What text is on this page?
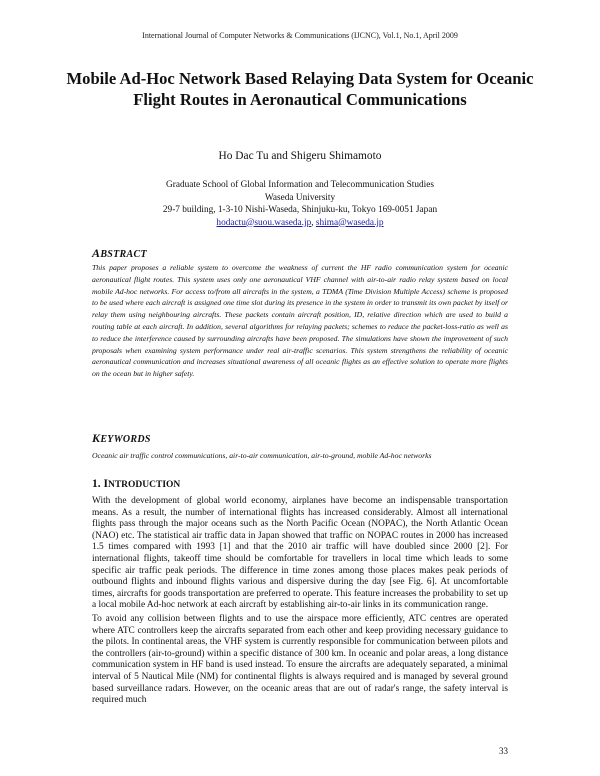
International Journal of Computer Networks & Communications (IJCNC), Vol.1, No.1, April 2009
Mobile Ad-Hoc Network Based Relaying Data System for Oceanic Flight Routes in Aeronautical Communications
Ho Dac Tu and Shigeru Shimamoto
Graduate School of Global Information and Telecommunication Studies
Waseda University
29-7 building, 1-3-10 Nishi-Waseda, Shinjuku-ku, Tokyo 169-0051 Japan
hodactu@suou.waseda.jp, shima@waseda.jp
ABSTRACT

This paper proposes a reliable system to overcome the weakness of current the HF radio communication system for oceanic aeronautical flight routes. This system uses only one aeronautical VHF channel with air-to-air radio relay system based on local mobile Ad-hoc networks. For access to/from all aircrafts in the system, a TDMA (Time Division Multiple Access) scheme is proposed to be used where each aircraft is assigned one time slot during its presence in the system in order to transmit its own packet by itself or relay them using neighbouring aircrafts. These packets contain aircraft position, ID, relative direction which are used to build a routing table at each aircraft. In addition, several algorithms for relaying packets; schemes to reduce the packet-loss-ratio as well as to reduce the interference caused by surrounding aircrafts have been proposed. The simulations have shown the improvement of such proposals when examining system performance under real air-traffic scenarios. This system strengthens the reliability of oceanic aeronautical communication and increases situational awareness of all oceanic flights as an effective solution to operate more flights on the ocean but in higher safety.

KEYWORDS

Oceanic air traffic control communications, air-to-air communication, air-to-ground, mobile Ad-hoc networks

1. INTRODUCTION

With the development of global world economy, airplanes have become an indispensable transportation means. As a result, the number of international flights has increased considerably. Almost all international flights pass through the major oceans such as the North Pacific Ocean (NOPAC), the North Atlantic Ocean (NAO) etc. The statistical air traffic data in Japan showed that traffic on NOPAC routes in 2000 has increased 1.5 times compared with 1993 [1] and that the 2010 air traffic will have doubled since 2000 [2]. For international flights, takeoff time should be comfortable for travellers in local time which leads to some specific air traffic peak periods. The difference in time zones among those places makes peak periods of outbound flights and inbound flights various and dispersive during the day [see Fig. 6]. At uncomfortable times, aircrafts for goods transportation are preferred to operate. This feature increases the probability to set up a local mobile Ad-hoc network at each aircraft by establishing air-to-air links in its communication range.

To avoid any collision between flights and to use the airspace more efficiently, ATC centres are operated where ATC controllers keep the aircrafts separated from each other and keep providing necessary guidance to the pilots. In continental areas, the VHF system is currently responsible for communication between pilots and the controllers (air-to-ground) within a specific distance of 300 km. In oceanic and polar areas, a long distance communication system in HF band is used instead. To ensure the aircrafts are adequately separated, a minimal interval of 5 Nautical Mile (NM) for continental flights is always required and is managed by several ground based surveillance radars. However, on the oceanic areas that are out of radar's range, the safety interval is required much

33
